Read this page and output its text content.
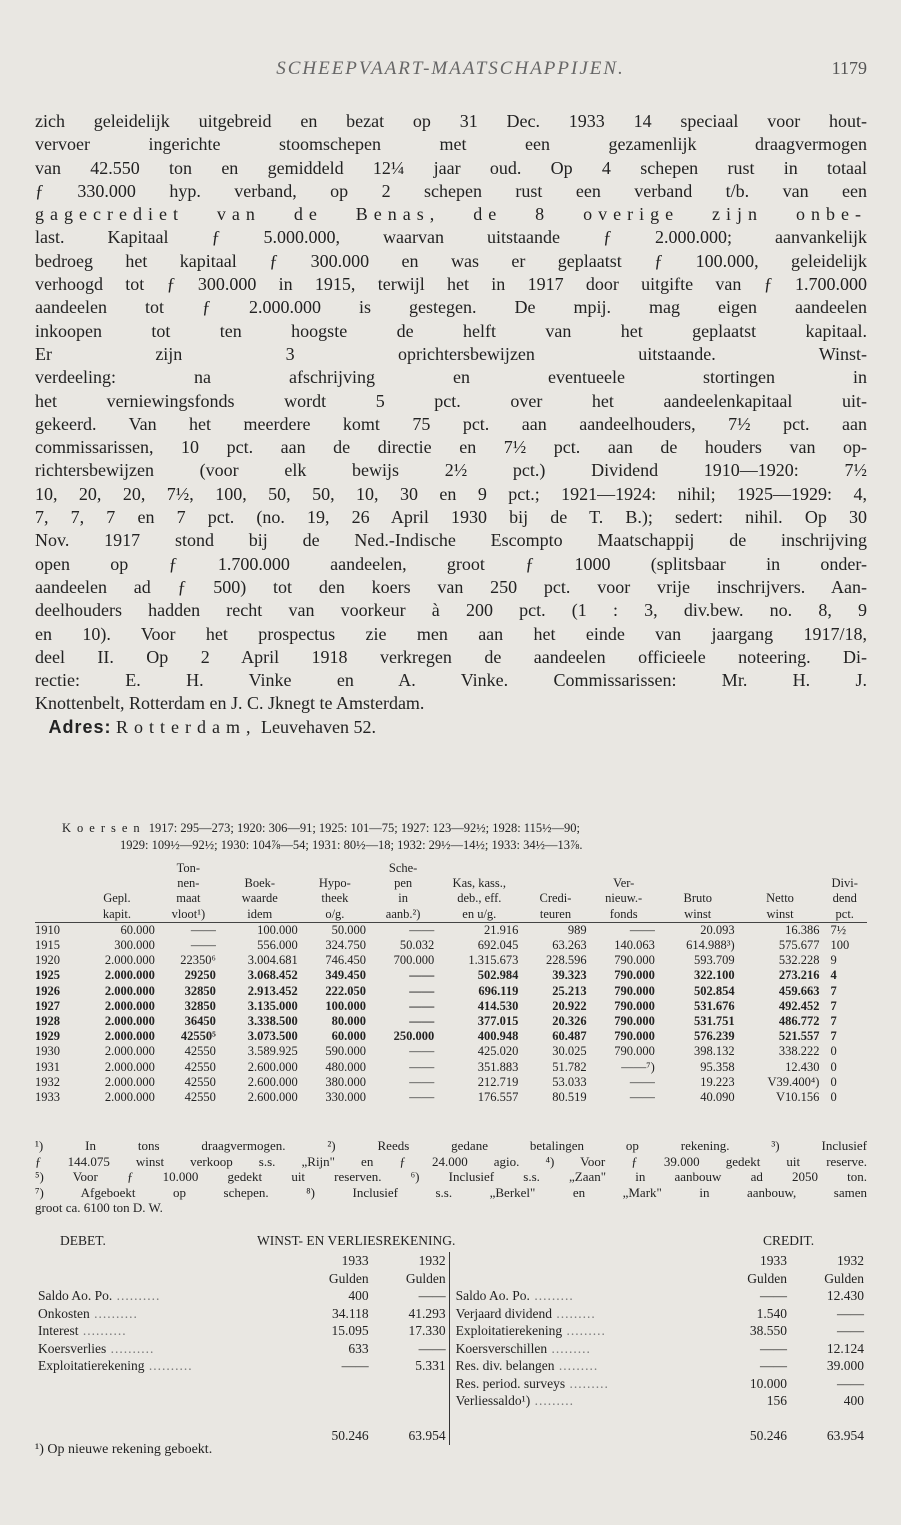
SCHEEPVAART-MAATSCHAPPIJEN.	1179

zich geleidelijk uitgebreid en bezat op 31 Dec. 1933 14 speciaal voor hout-
vervoer ingerichte stoomschepen met een gezamenlijk draagvermogen
van 42.550 ton en gemiddeld 12¼ jaar oud. Op 4 schepen rust in totaal
ƒ 330.000 hyp. verband, op 2 schepen rust een verband t/b. van een
gagecrediet van de Benas, de 8 overige zijn onbe-
last. Kapitaal ƒ 5.000.000, waarvan uitstaande ƒ 2.000.000; aanvankelijk
bedroeg het kapitaal ƒ 300.000 en was er geplaatst ƒ 100.000, geleidelijk
verhoogd tot ƒ 300.000 in 1915, terwijl het in 1917 door uitgifte van ƒ 1.700.000
aandeelen tot ƒ 2.000.000 is gestegen. De mpij. mag eigen aandeelen
inkoopen tot ten hoogste de helft van het geplaatst kapitaal.
Er zijn 3 oprichtersbewijzen uitstaande. Winst-
verdeeling: na afschrijving en eventueele stortingen in
het verniewingsfonds wordt 5 pct. over het aandeelenkapitaal uit-
gekeerd. Van het meerdere komt 75 pct. aan aandeelhouders, 7½ pct. aan
commissarissen, 10 pct. aan de directie en 7½ pct. aan de houders van op-
richtersbewijzen (voor elk bewijs 2½ pct.) Dividend 1910—1920: 7½
10, 20, 20, 7½, 100, 50, 50, 10, 30 en 9 pct.; 1921—1924: nihil; 1925—1929: 4,
7, 7, 7 en 7 pct. (no. 19, 26 April 1930 bij de T. B.); sedert: nihil. Op 30
Nov. 1917 stond bij de Ned.-Indische Escompto Maatschappij de inschrijving
open op ƒ 1.700.000 aandeelen, groot ƒ 1000 (splitsbaar in onder-
aandeelen ad ƒ 500) tot den koers van 250 pct. voor vrije inschrijvers. Aan-
deelhouders hadden recht van voorkeur à 200 pct. (1 : 3, div.bew. no. 8, 9
en 10). Voor het prospectus zie men aan het einde van jaargang 1917/18,
deel II. Op 2 April 1918 verkregen de aandeelen officieele noteering. Di-
rectie: E. H. Vinke en A. Vinke. Commissarissen: Mr. H. J.
Knottenbelt, Rotterdam en J. C. Jknegt te Amsterdam.
Adres: Rotterdam, Leuvehaven 52.

Koersen 1917: 295—273; 1920: 306—91; 1925: 101—75; 1927: 123—92½; 1928: 115½—90;
1929: 109½—92½; 1930: 104⅞—54; 1931: 80½—18; 1932: 29½—14½; 1933: 34½—13⅞.
		Ton-			Sche-						
		nen-	Boek-	Hypo-	pen	Kas, kass.,		Ver-			Divi-
	Gepl.	maat	waarde	theek	in	deb., eff.	Credi-	nieuw.-	Bruto	Netto	dend
	kapit.	vloot¹)	idem	o/g.	aanb.²)	en u/g.	teuren	fonds	winst	winst	pct.
1910	60.000	——	100.000	50.000	——	21.916	989	——	20.093	16.386	7½
1915	300.000	——	556.000	324.750	50.032	692.045	63.263	140.063	614.988³)	575.677	100
1920	2.000.000	22350⁶	3.004.681	746.450	700.000	1.315.673	228.596	790.000	593.709	532.228	9
1925	2.000.000	29250	3.068.452	349.450	——	502.984	39.323	790.000	322.100	273.216	4
1926	2.000.000	32850	2.913.452	222.050	——	696.119	25.213	790.000	502.854	459.663	7
1927	2.000.000	32850	3.135.000	100.000	——	414.530	20.922	790.000	531.676	492.452	7
1928	2.000.000	36450	3.338.500	80.000	——	377.015	20.326	790.000	531.751	486.772	7
1929	2.000.000	42550⁵	3.073.500	60.000	250.000	400.948	60.487	790.000	576.239	521.557	7
1930	2.000.000	42550	3.589.925	590.000	——	425.020	30.025	790.000	398.132	338.222	0
1931	2.000.000	42550	2.600.000	480.000	——	351.883	51.782	——⁷)	95.358	12.430	0
1932	2.000.000	42550	2.600.000	380.000	——	212.719	53.033	——	19.223	V39.400⁴)	0
1933	2.000.000	42550	2.600.000	330.000	——	176.557	80.519	——	40.090	V10.156	0
¹) In tons draagvermogen. ²) Reeds gedane betalingen op rekening. ³) Inclusief
ƒ 144.075 winst verkoop s.s. „Rijn" en ƒ 24.000 agio. ⁴) Voor ƒ 39.000 gedekt uit reserve.
⁵) Voor ƒ 10.000 gedekt uit reserven. ⁶) Inclusief s.s. „Zaan" in aanbouw ad 2050 ton.
⁷) Afgeboekt op schepen. ⁸) Inclusief s.s. „Berkel" en „Mark" in aanbouw, samen
groot ca. 6100 ton D. W.
DEBET.	WINST- EN VERLIESREKENING.	CREDIT.
	1933	1932		1933	1932
	Gulden	Gulden		Gulden	Gulden
Saldo Ao. Po. ..........	400	——	Saldo Ao. Po. .........	——	12.430
Onkosten ..........	34.118	41.293	Verjaard dividend .........	1.540	——
Interest ..........	15.095	17.330	Exploitatierekening .........	38.550	——
Koersverlies ..........	633	——	Koersverschillen .........	——	12.124
Exploitatierekening ..........	——	5.331	Res. div. belangen .........	——	39.000
			Res. period. surveys .........	10.000	——
			Verliessaldo¹) .........	156	400

	50.246	63.954		50.246	63.954
¹) Op nieuwe rekening geboekt.
